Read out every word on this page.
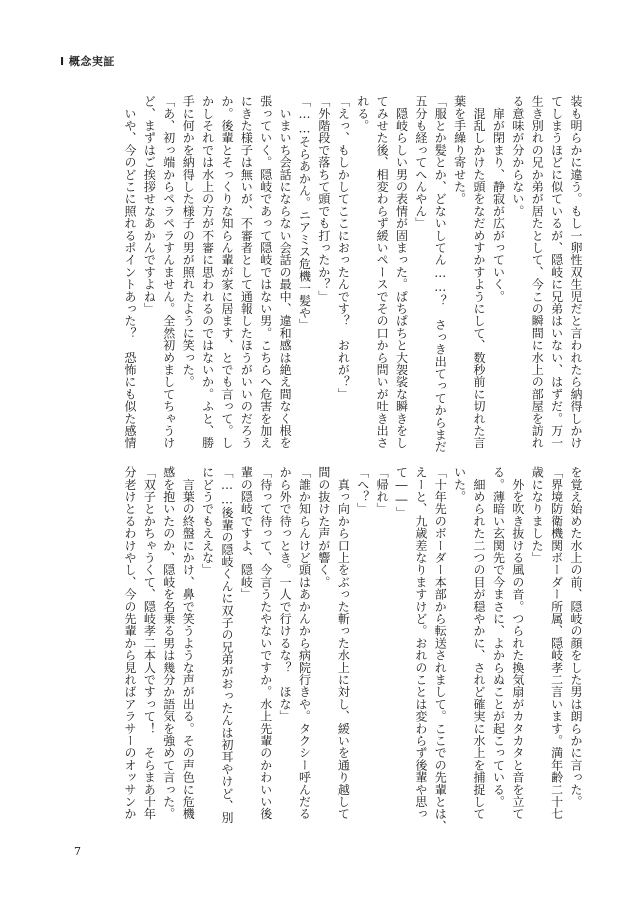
Ⅰ 概念実証

装も明らかに違う。もし一卵性双生児だと言われたら納得しかけ

てしまうほどに似ているが、隠岐に兄弟はいない、はずだ。万一

生き別れの兄か弟が居たとして、今この瞬間に水上の部屋を訪れ

る意味が分からない。

　扉が閉まり、静寂が広がっていく。

　混乱しかけた頭をなだめすかすようにして、数秒前に切れた言

葉を手繰り寄せた。

「服とか髪とか、どないしてん……？　さっき出てってからまだ

五分も経ってへんやん」

　隠岐らしい男の表情が固まった。ぱちぱちと大袈裟な瞬きをし

てみせた後、相変わらず緩いペースでその口から問いが吐き出さ

れる。

「えっ、もしかしてここにおったんです？　おれが？」

「外階段で落ちて頭でも打ったか？」

「……そらあかん。ニアミス危機一髪や」

　いまいち会話にならない会話の最中、違和感は絶え間なく根を

張っていく。隠岐であって隠岐ではない男。こちらへ危害を加え

にきた様子は無いが、不審者として通報したほうがいいのだろう

か。後輩とそっくりな知らん輩が家に居ます、とでも言って。し

かしそれでは水上の方が不審に思われるのではないか。ふと、勝

手に何かを納得した様子の男が照れたように笑った。

「あ、初っ端からペラペラすんません。全然初めましてちゃうけ

ど、まずはご挨拶せなあかんですよね」

　いや、今のどこに照れるポイントあった？　恐怖にも似た感情

を覚え始めた水上の前、隠岐の顔をした男は朗らかに言った。

「界境防衛機関ボーダー所属、隠岐孝二言います。満年齢二十七

歳になりました」

　外を吹き抜ける風の音。つられた換気扇がカタカタと音を立て

る。薄暗い玄関先で今まさに、よからぬことが起こっている。

　細められた二つの目が穏やかに、されど確実に水上を捕捉して

いた。

「十年先のボーダー本部から転送されまして。ここでの先輩とは、

えーと、九歳差なりますけど。おれのことは変わらず後輩や思っ

て――」

「帰れ」

「へ？」

　真っ向から口上をぶった斬った水上に対し、緩いを通り越して

間の抜けた声が響く。

「誰か知らんけど頭はあかんから病院行きや。タクシー呼んだる

から外で待っとき。一人で行けるな？　ほな」

「待って待って、今言うたやないですか。水上先輩のかわいい後

輩の隠岐ですよ、隠岐」

「……後輩の隠岐くんに双子の兄弟がおったんは初耳やけど、別

にどうでもええな」

　言葉の終盤にかけ、鼻で笑うような声が出る。その声色に危機

感を抱いたのか、隠岐を名乗る男は幾分か語気を強めて言った。

「双子とかちゃうくて、隠岐孝二本人ですって！　そらまあ十年

分老けとるわけやし、今の先輩から見ればアラサーのオッサンか

7
